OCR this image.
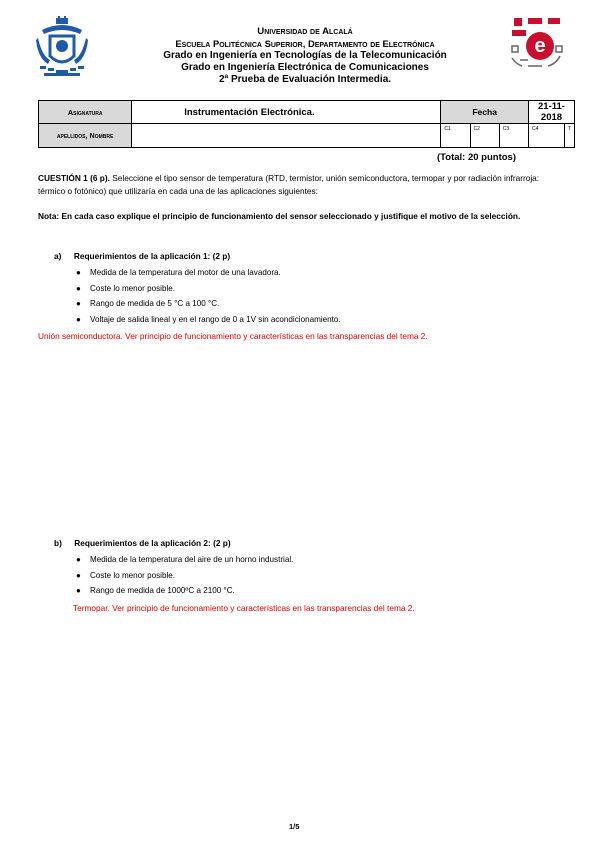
e
Universidad de Alcalá
Escuela Politécnica Superior, Departamento de Electrónica
Grado en Ingeniería en Tecnologías de la Telecomunicación
Grado en Ingeniería Electrónica de Comunicaciones
2ª Prueba de Evaluación Intermedia.
Asignatura	Instrumentación Electrónica.	Fecha			21-11-2018	
apellidos, Nombre		C1	C2	C3	C4	T
(Total: 20 puntos)
CUESTIÓN 1 (6 p). Seleccione el tipo sensor de temperatura (RTD, termistor, unión semiconductora, termopar y por radiación infrarroja: térmico o fotónico) que utilizaría en cada una de las aplicaciones siguientes:
Nota: En cada caso explique el principio de funcionamiento del sensor seleccionado y justifique el motivo de la selección.
a) Requerimientos de la aplicación 1: (2 p)
● Medida de la temperatura del motor de una lavadora.
● Coste lo menor posible.
● Rango de medida de 5 °C a 100 °C.
● Voltaje de salida lineal y en el rango de 0 a 1V sin acondicionamiento.
Unión semiconductora. Ver principio de funcionamiento y características en las transparencias del tema 2.
b) Requerimientos de la aplicación 2: (2 p)
● Medida de la temperatura del aire de un horno industrial.
● Coste lo menor posible.
● Rango de medida de 1000ºC a 2100 °C.
Termopar. Ver principio de funcionamiento y características en las transparencias del tema 2.
1/5
